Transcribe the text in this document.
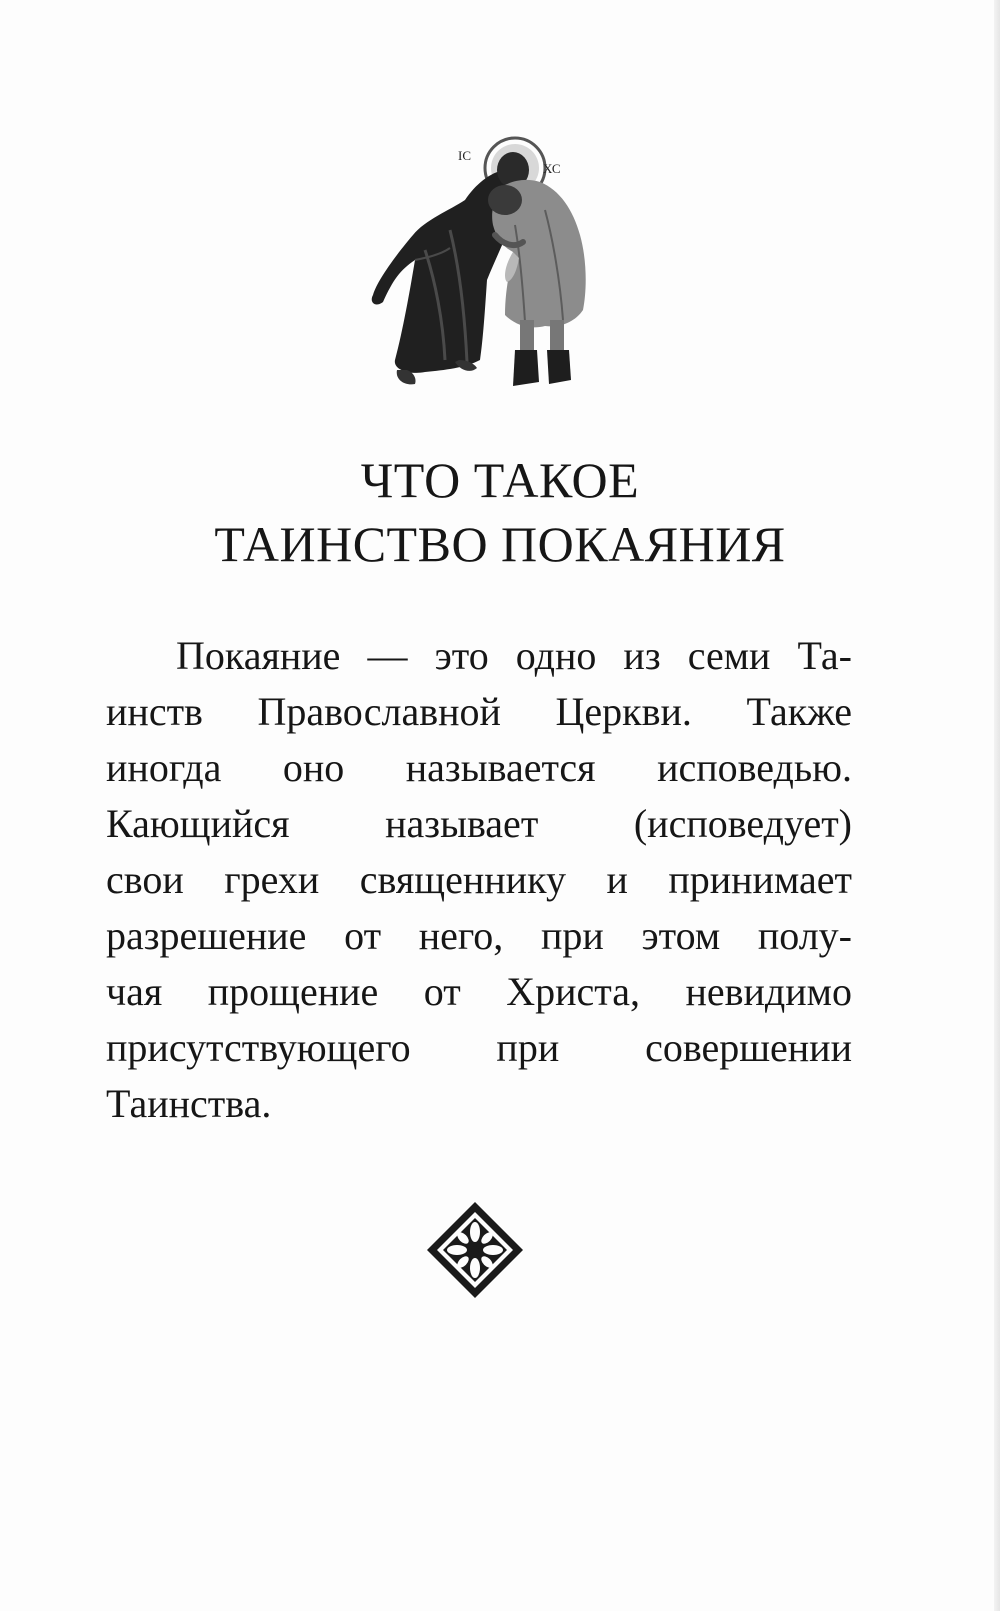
ІС
ХС
ЧТО ТАКОЕ
ТАИНСТВО ПОКАЯНИЯ
Покаяние — это одно из семи Та-
инств Православной Церкви. Также
иногда оно называется исповедью.
Кающийся называет (исповедует)
свои грехи священнику и принимает
разрешение от него, при этом полу-
чая прощение от Христа, невидимо
присутствующего при совершении
Таинства.
